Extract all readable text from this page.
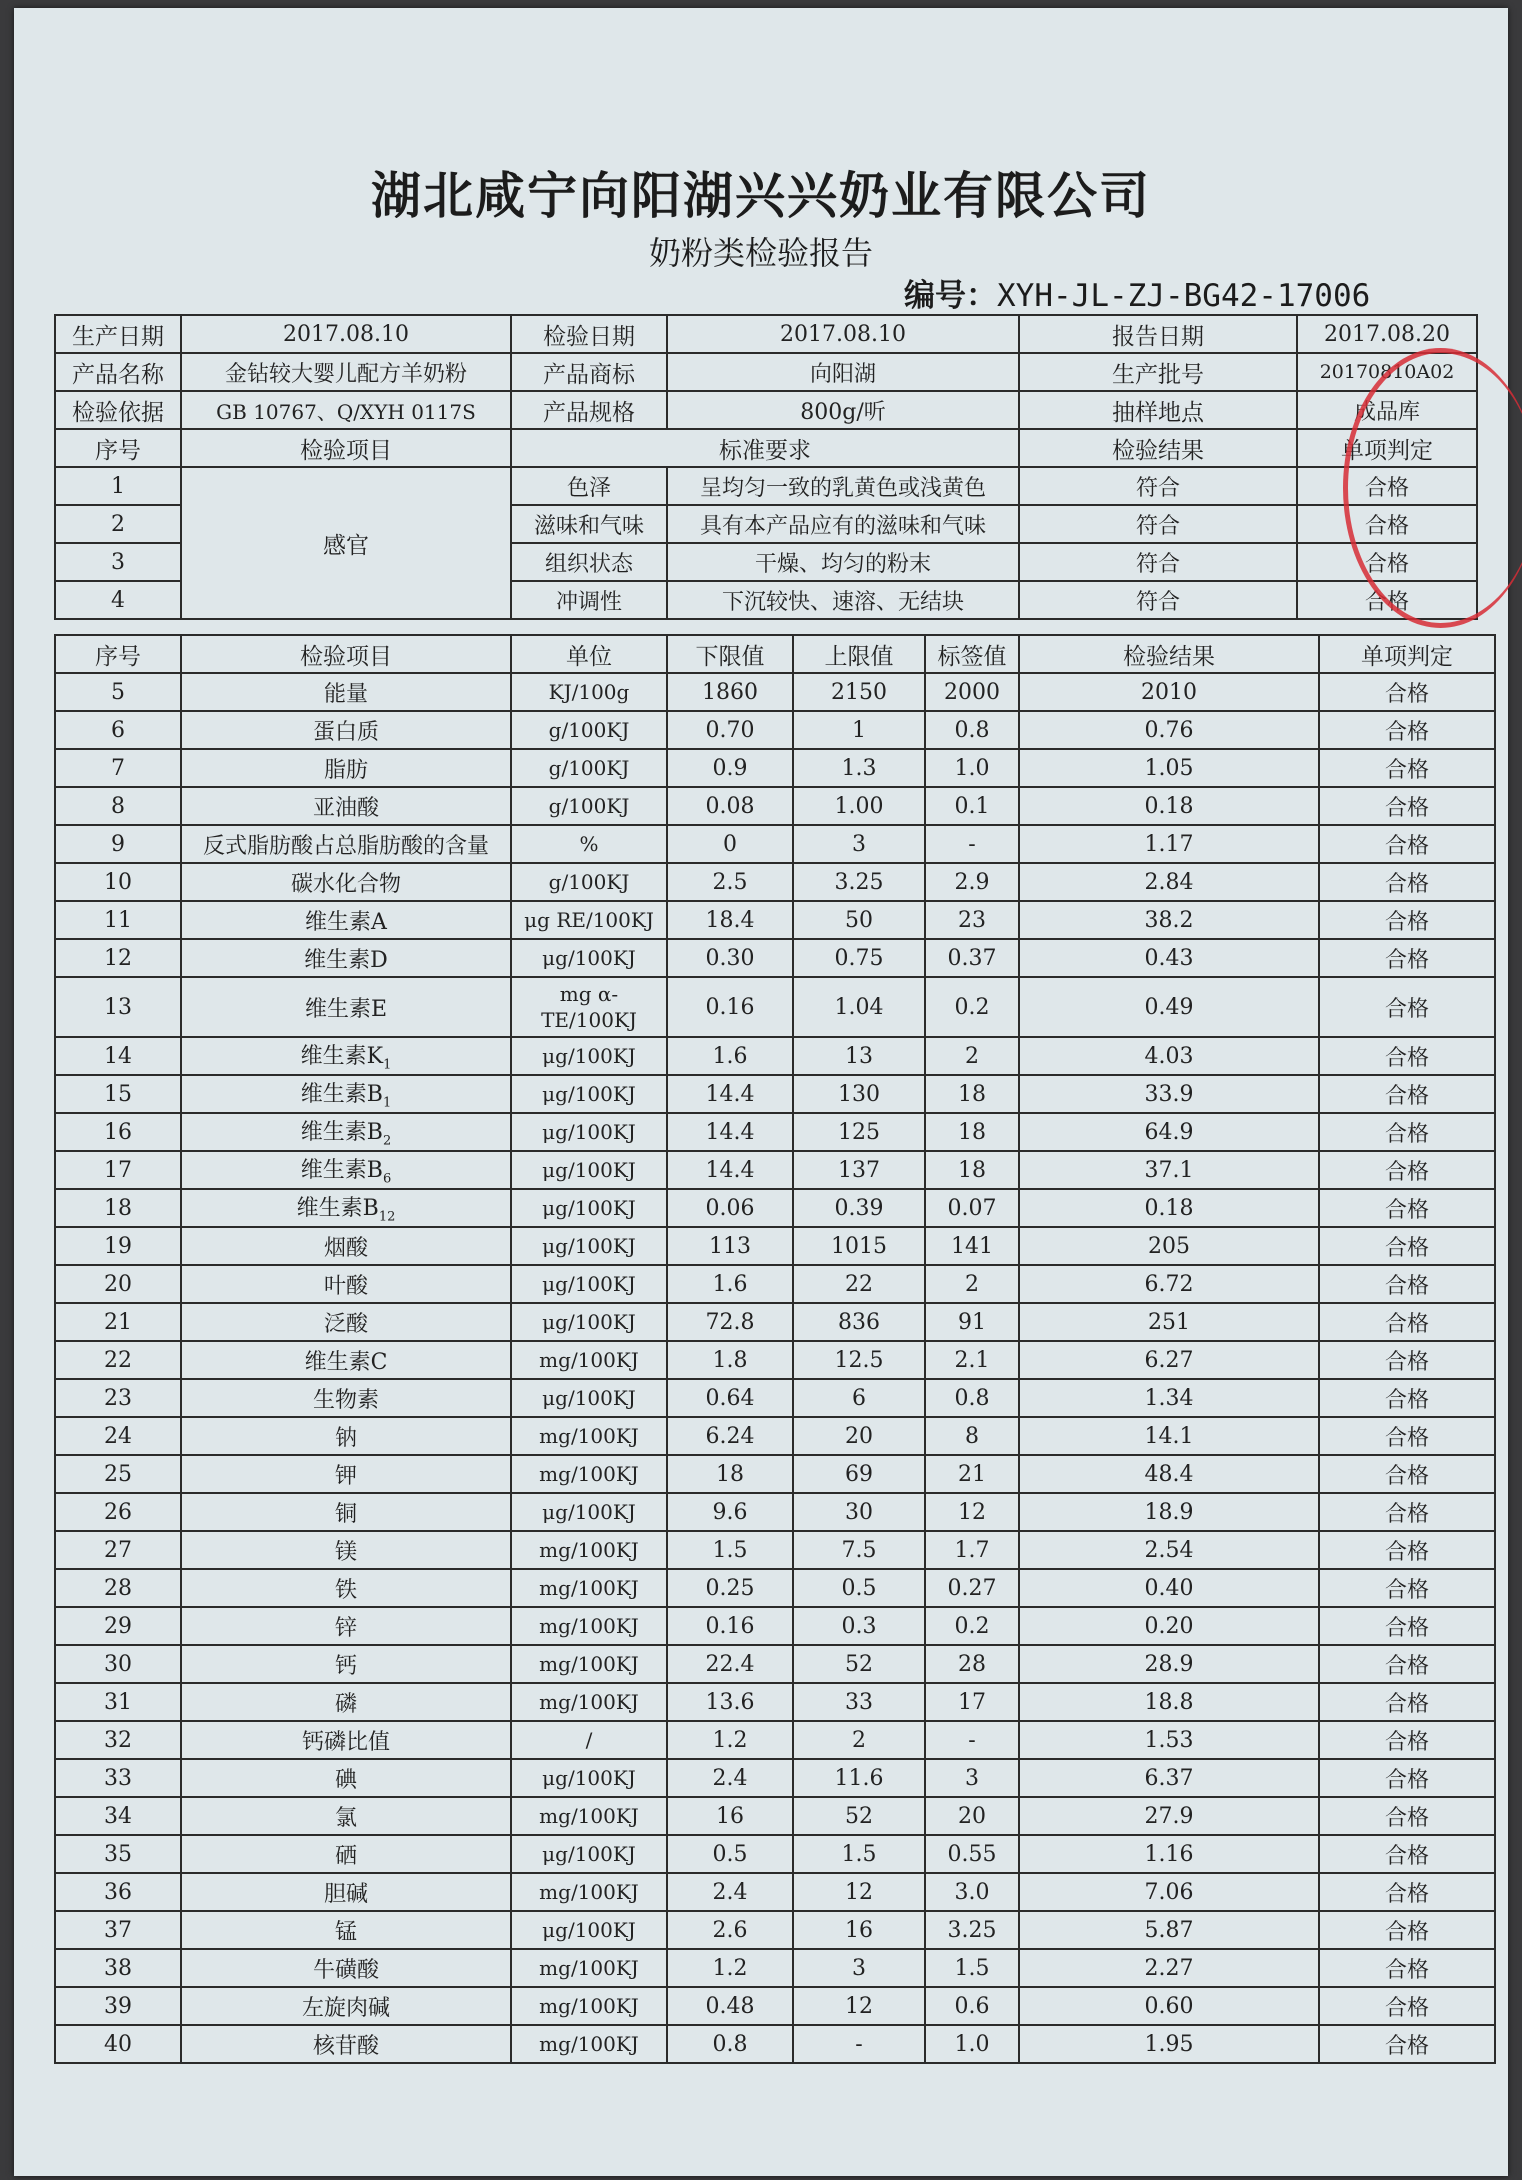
湖北咸宁向阳湖兴兴奶业有限公司
奶粉类检验报告
编号：XYH-JL-ZJ-BG42-17006
生产日期	2017.08.10	检验日期	2017.08.10	报告日期	2017.08.20
产品名称	金钻较大婴儿配方羊奶粉	产品商标	向阳湖	生产批号	20170810A02
检验依据	GB 10767、Q/XYH 0117S	产品规格	800g/听	抽样地点	成品库
序号	检验项目	标准要求		检验结果	单项判定
1	感官	色泽	呈均匀一致的乳黄色或浅黄色	符合	合格
2		滋味和气味	具有本产品应有的滋味和气味	符合	合格
3		组织状态	干燥、均匀的粉末	符合	合格
4		冲调性	下沉较快、速溶、无结块	符合	合格
序号	检验项目	单位	下限值	上限值	标签值	检验结果	单项判定
5	能量	KJ/100g	1860	2150	2000	2010	合格
6	蛋白质	g/100KJ	0.70	1	0.8	0.76	合格
7	脂肪	g/100KJ	0.9	1.3	1.0	1.05	合格
8	亚油酸	g/100KJ	0.08	1.00	0.1	0.18	合格
9	反式脂肪酸占总脂肪酸的含量	%	0	3	-	1.17	合格
10	碳水化合物	g/100KJ	2.5	3.25	2.9	2.84	合格
11	维生素A	μg RE/100KJ	18.4	50	23	38.2	合格
12	维生素D	μg/100KJ	0.30	0.75	0.37	0.43	合格
13	维生素E	mg α-TE/100KJ	0.16	1.04	0.2	0.49	合格
14	维生素$K_1$	μg/100KJ	1.6	13	2	4.03	合格
15	维生素$B_1$	μg/100KJ	14.4	130	18	33.9	合格
16	维生素$B_2$	μg/100KJ	14.4	125	18	64.9	合格
17	维生素$B_6$	μg/100KJ	14.4	137	18	37.1	合格
18	维生素$B_{12}$	μg/100KJ	0.06	0.39	0.07	0.18	合格
19	烟酸	μg/100KJ	113	1015	141	205	合格
20	叶酸	μg/100KJ	1.6	22	2	6.72	合格
21	泛酸	μg/100KJ	72.8	836	91	251	合格
22	维生素C	mg/100KJ	1.8	12.5	2.1	6.27	合格
23	生物素	μg/100KJ	0.64	6	0.8	1.34	合格
24	钠	mg/100KJ	6.24	20	8	14.1	合格
25	钾	mg/100KJ	18	69	21	48.4	合格
26	铜	μg/100KJ	9.6	30	12	18.9	合格
27	镁	mg/100KJ	1.5	7.5	1.7	2.54	合格
28	铁	mg/100KJ	0.25	0.5	0.27	0.40	合格
29	锌	mg/100KJ	0.16	0.3	0.2	0.20	合格
30	钙	mg/100KJ	22.4	52	28	28.9	合格
31	磷	mg/100KJ	13.6	33	17	18.8	合格
32	钙磷比值	/	1.2	2	-	1.53	合格
33	碘	μg/100KJ	2.4	11.6	3	6.37	合格
34	氯	mg/100KJ	16	52	20	27.9	合格
35	硒	μg/100KJ	0.5	1.5	0.55	1.16	合格
36	胆碱	mg/100KJ	2.4	12	3.0	7.06	合格
37	锰	μg/100KJ	2.6	16	3.25	5.87	合格
38	牛磺酸	mg/100KJ	1.2	3	1.5	2.27	合格
39	左旋肉碱	mg/100KJ	0.48	12	0.6	0.60	合格
40	核苷酸	mg/100KJ	0.8	-	1.0	1.95	合格
